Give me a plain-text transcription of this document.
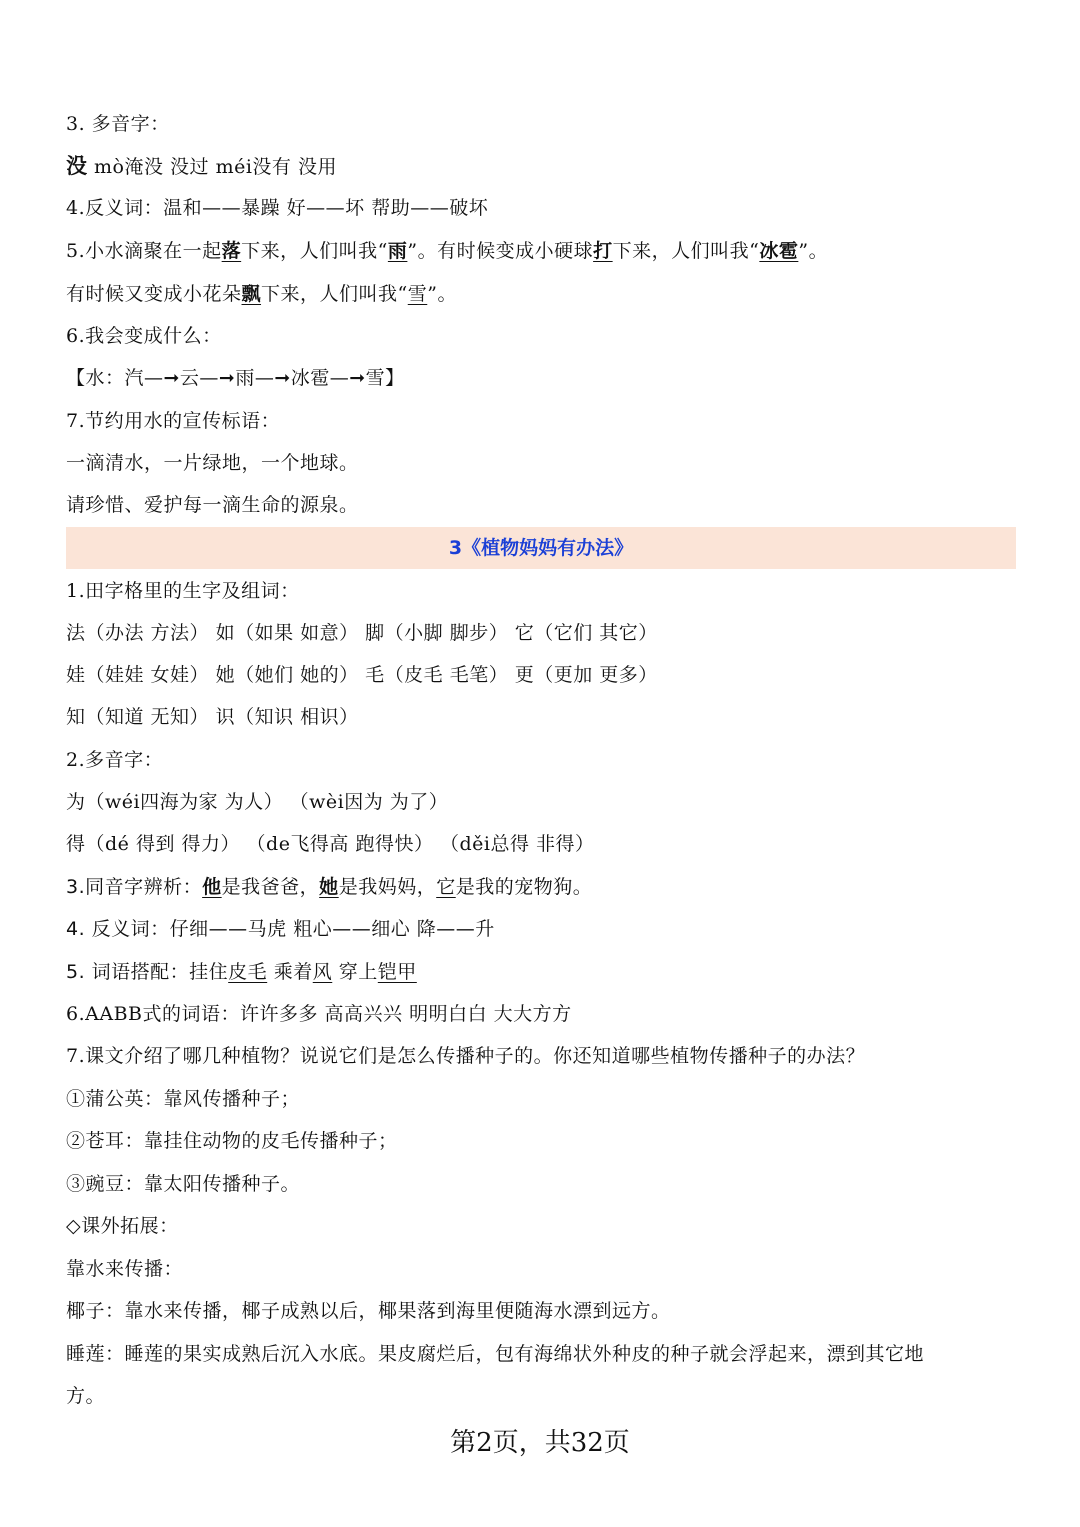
3. 多音字：
没 mò淹没 没过 méi没有 没用
4.反义词：温和——暴躁 好——坏 帮助——破坏
5.小水滴聚在一起落下来，人们叫我“雨”。有时候变成小硬球打下来，人们叫我“冰雹”。
有时候又变成小花朵飘下来，人们叫我“雪”。
6.我会变成什么：
【水：汽—➞云—➞雨—➞冰雹—➞雪】
7.节约用水的宣传标语：
一滴清水，一片绿地，一个地球。
请珍惜、爱护每一滴生命的源泉。
3《植物妈妈有办法》
1.田字格里的生字及组词：
法（办法 方法） 如（如果 如意） 脚（小脚 脚步） 它（它们 其它）
娃（娃娃 女娃） 她（她们 她的） 毛（皮毛 毛笔） 更（更加 更多）
知（知道 无知） 识（知识 相识）
2.多音字：
为（wéi四海为家 为人） （wèi因为 为了）
得（dé 得到 得力） （de飞得高 跑得快） （děi总得 非得）
3.同音字辨析：他是我爸爸，她是我妈妈，它是我的宠物狗。
4. 反义词：仔细——马虎 粗心——细心 降——升
5. 词语搭配：挂住皮毛 乘着风 穿上铠甲
6.AABB式的词语：许许多多 高高兴兴 明明白白 大大方方
7.课文介绍了哪几种植物？说说它们是怎么传播种子的。你还知道哪些植物传播种子的办法？
①蒲公英：靠风传播种子；
②苍耳：靠挂住动物的皮毛传播种子；
③豌豆：靠太阳传播种子。
◇课外拓展：
靠水来传播：
椰子：靠水来传播，椰子成熟以后，椰果落到海里便随海水漂到远方。
睡莲：睡莲的果实成熟后沉入水底。果皮腐烂后，包有海绵状外种皮的种子就会浮起来，漂到其它地
方。
第2页，共32页
